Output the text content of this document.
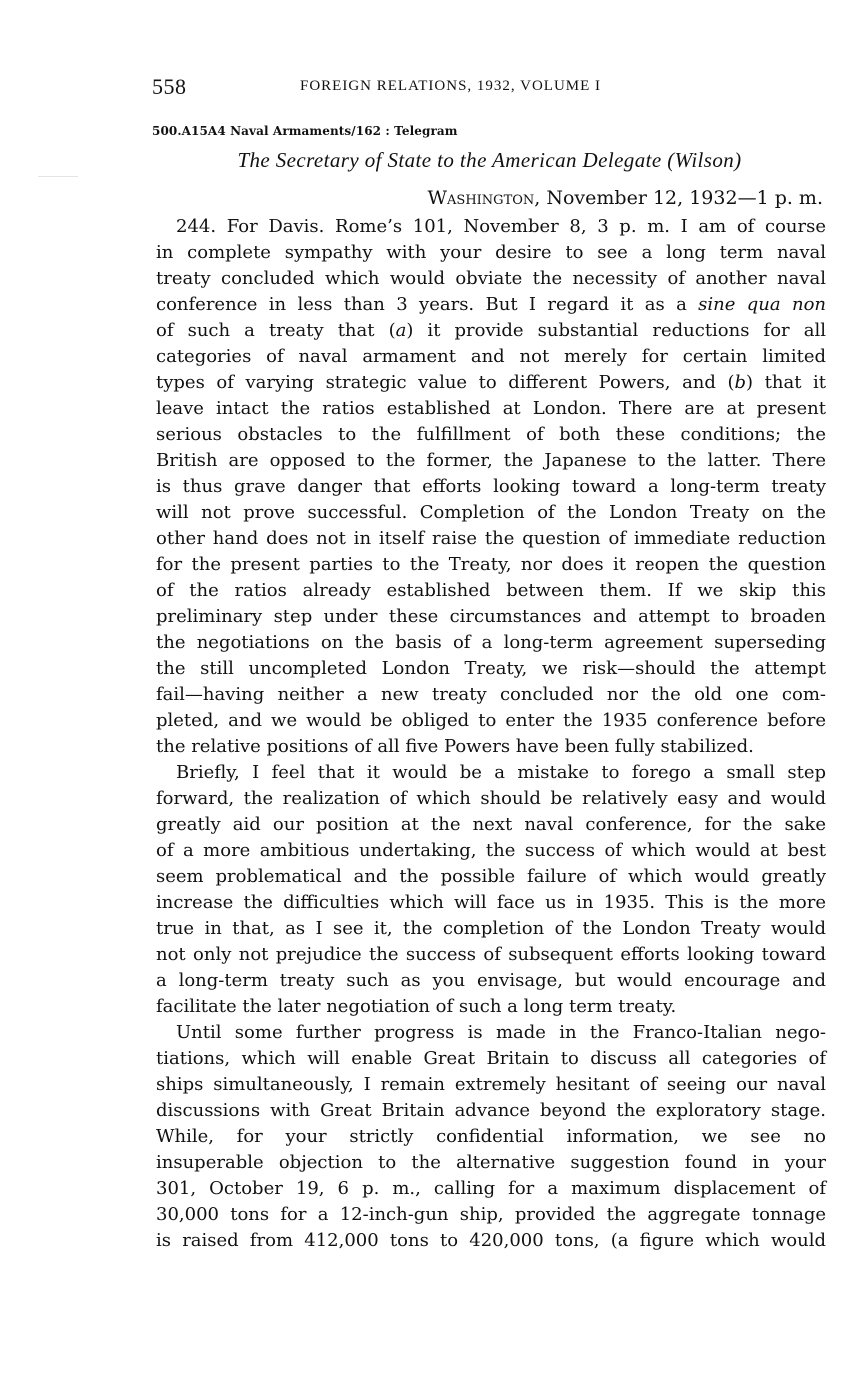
558	FOREIGN RELATIONS, 1932, VOLUME I
500.A15A4 Naval Armaments/162 : Telegram
The Secretary of State to the American Delegate (Wilson)
Washington, November 12, 1932—1 p. m.
244. For Davis. Rome’s 101, November 8, 3 p. m. I am of course
in complete sympathy with your desire to see a long term naval
treaty concluded which would obviate the necessity of another naval
conference in less than 3 years. But I regard it as a sine qua non
of such a treaty that (a) it provide substantial reductions for all
categories of naval armament and not merely for certain limited
types of varying strategic value to different Powers, and (b) that it
leave intact the ratios established at London. There are at present
serious obstacles to the fulfillment of both these conditions; the
British are opposed to the former, the Japanese to the latter. There
is thus grave danger that efforts looking toward a long-term treaty
will not prove successful. Completion of the London Treaty on the
other hand does not in itself raise the question of immediate reduction
for the present parties to the Treaty, nor does it reopen the question
of the ratios already established between them. If we skip this
preliminary step under these circumstances and attempt to broaden
the negotiations on the basis of a long-term agreement superseding
the still uncompleted London Treaty, we risk—should the attempt
fail—having neither a new treaty concluded nor the old one com-
pleted, and we would be obliged to enter the 1935 conference before
the relative positions of all five Powers have been fully stabilized.
Briefly, I feel that it would be a mistake to forego a small step
forward, the realization of which should be relatively easy and would
greatly aid our position at the next naval conference, for the sake
of a more ambitious undertaking, the success of which would at best
seem problematical and the possible failure of which would greatly
increase the difficulties which will face us in 1935. This is the more
true in that, as I see it, the completion of the London Treaty would
not only not prejudice the success of subsequent efforts looking toward
a long-term treaty such as you envisage, but would encourage and
facilitate the later negotiation of such a long term treaty.
Until some further progress is made in the Franco-Italian nego-
tiations, which will enable Great Britain to discuss all categories of
ships simultaneously, I remain extremely hesitant of seeing our naval
discussions with Great Britain advance beyond the exploratory stage.
While, for your strictly confidential information, we see no
insuperable objection to the alternative suggestion found in your
301, October 19, 6 p. m., calling for a maximum displacement of
30,000 tons for a 12-inch-gun ship, provided the aggregate tonnage
is raised from 412,000 tons to 420,000 tons, (a figure which would
